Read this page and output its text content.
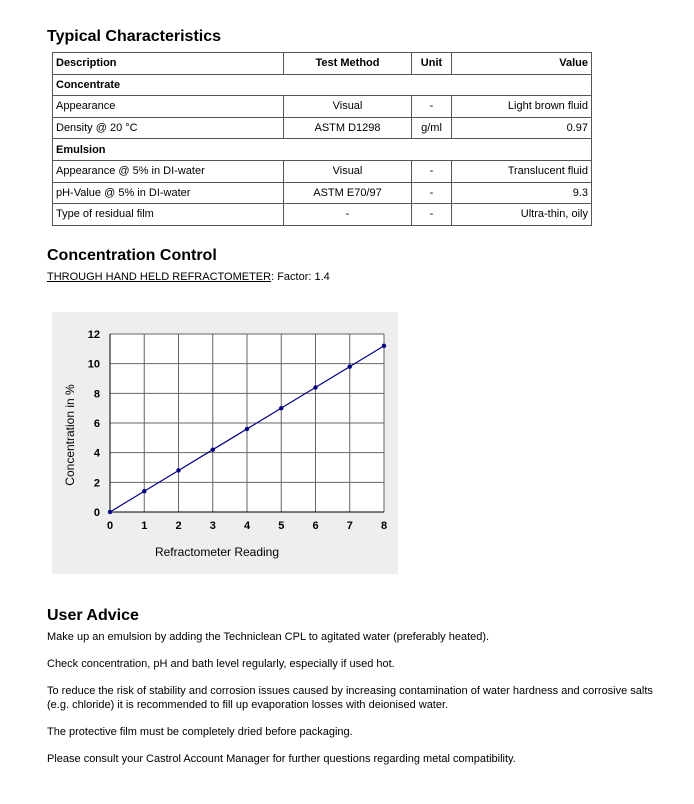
Typical Characteristics
Description	Test Method	Unit	Value
Concentrate			
Appearance	Visual	-	Light brown fluid
Density @ 20 °C	ASTM D1298	g/ml	0.97
Emulsion			
Appearance @ 5% in DI-water	Visual	-	Translucent fluid
pH-Value @ 5% in DI-water	ASTM E70/97	-	9.3
Type of residual film	-	-	Ultra-thin, oily
Concentration Control
THROUGH HAND HELD REFRACTOMETER: Factor: 1.4
0	1	2	3	4	5	6	7	8
0
2
4
6
8
10
12
Refractometer Reading
Concentration in %
User Advice

Make up an emulsion by adding the Techniclean CPL to agitated water (preferably heated).

Check concentration, pH and bath level regularly, especially if used hot.

To reduce the risk of stability and corrosion issues caused by increasing contamination of water hardness and corrosive salts (e.g. chloride) it is recommended to fill up evaporation losses with deionised water.

The protective film must be completely dried before packaging.

Please consult your Castrol Account Manager for further questions regarding metal compatibility.
